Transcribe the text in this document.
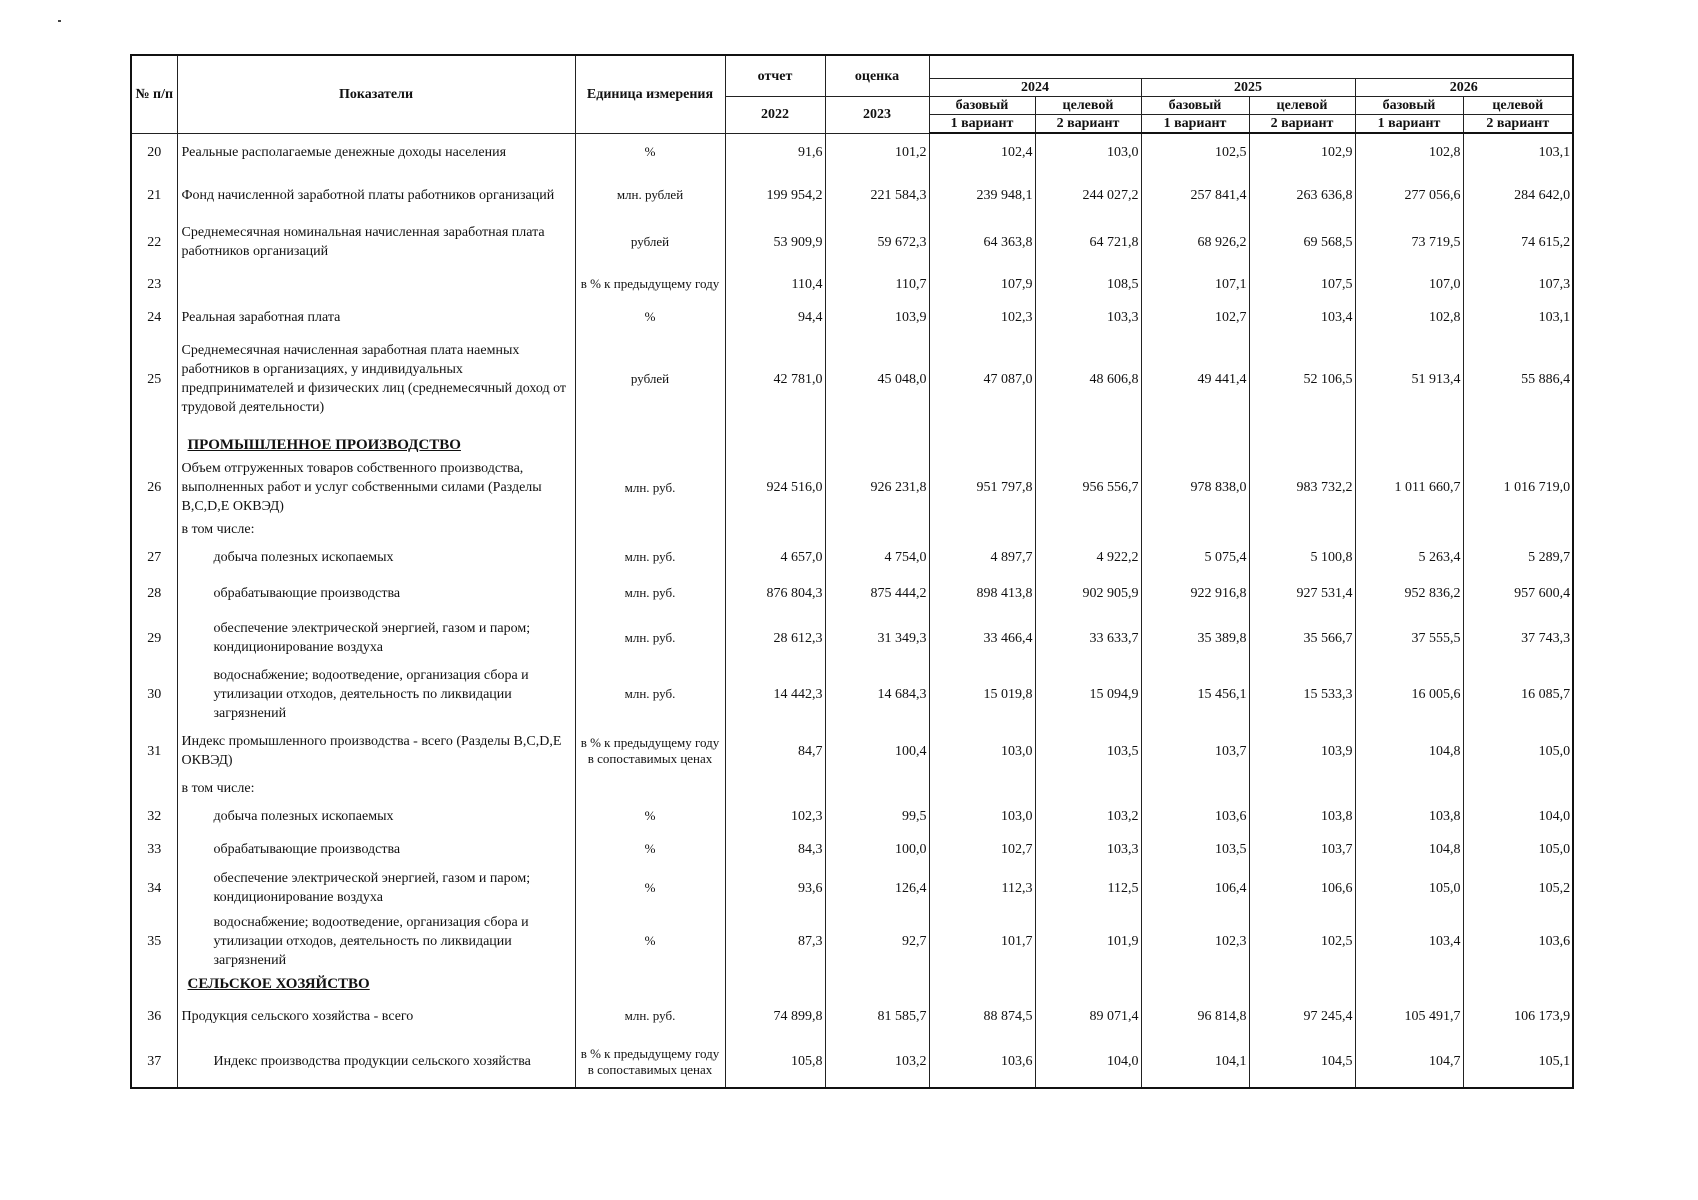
№ п/п	Показатели	Единица измерения	отчет	оценка						
					2024		2025		2026	
			2022	2023	базовый	целевой	базовый	целевой	базовый	целевой
					1 вариант	2 вариант	1 вариант	2 вариант	1 вариант	2 вариант
20	Реальные располагаемые денежные доходы населения	%	91,6	101,2	102,4	103,0	102,5	102,9	102,8	103,1
21	Фонд начисленной заработной платы работников организаций	млн. рублей	199 954,2	221 584,3	239 948,1	244 027,2	257 841,4	263 636,8	277 056,6	284 642,0
22	Среднемесячная номинальная начисленная заработная плата работников организаций	рублей	53 909,9	59 672,3	64 363,8	64 721,8	68 926,2	69 568,5	73 719,5	74 615,2
23		в % к предыдущему году	110,4	110,7	107,9	108,5	107,1	107,5	107,0	107,3
24	Реальная заработная плата	%	94,4	103,9	102,3	103,3	102,7	103,4	102,8	103,1
25	Среднемесячная начисленная заработная плата наемных работников в организациях, у индивидуальных предпринимателей и физических лиц (среднемесячный доход от трудовой деятельности)	рублей	42 781,0	45 048,0	47 087,0	48 606,8	49 441,4	52 106,5	51 913,4	55 886,4
	ПРОМЫШЛЕННОЕ ПРОИЗВОДСТВО									
26	Объем отгруженных товаров собственного производства, выполненных работ и услуг собственными силами (Разделы B,C,D,E ОКВЭД)	млн. руб.	924 516,0	926 231,8	951 797,8	956 556,7	978 838,0	983 732,2	1 011 660,7	1 016 719,0
	в том числе:									
27	добыча полезных ископаемых	млн. руб.	4 657,0	4 754,0	4 897,7	4 922,2	5 075,4	5 100,8	5 263,4	5 289,7
28	обрабатывающие производства	млн. руб.	876 804,3	875 444,2	898 413,8	902 905,9	922 916,8	927 531,4	952 836,2	957 600,4
29	обеспечение электрической энергией, газом и паром; кондиционирование воздуха	млн. руб.	28 612,3	31 349,3	33 466,4	33 633,7	35 389,8	35 566,7	37 555,5	37 743,3
30	водоснабжение; водоотведение, организация сбора и утилизации отходов, деятельность по ликвидации загрязнений	млн. руб.	14 442,3	14 684,3	15 019,8	15 094,9	15 456,1	15 533,3	16 005,6	16 085,7
31	Индекс промышленного производства - всего (Разделы B,C,D,E ОКВЭД)	в % к предыдущему году в сопоставимых ценах	84,7	100,4	103,0	103,5	103,7	103,9	104,8	105,0
	в том числе:									
32	добыча полезных ископаемых	%	102,3	99,5	103,0	103,2	103,6	103,8	103,8	104,0
33	обрабатывающие производства	%	84,3	100,0	102,7	103,3	103,5	103,7	104,8	105,0
34	обеспечение электрической энергией, газом и паром; кондиционирование воздуха	%	93,6	126,4	112,3	112,5	106,4	106,6	105,0	105,2
35	водоснабжение; водоотведение, организация сбора и утилизации отходов, деятельность по ликвидации загрязнений	%	87,3	92,7	101,7	101,9	102,3	102,5	103,4	103,6
	СЕЛЬСКОЕ ХОЗЯЙСТВО									
36	Продукция сельского хозяйства - всего	млн. руб.	74 899,8	81 585,7	88 874,5	89 071,4	96 814,8	97 245,4	105 491,7	106 173,9
37	Индекс производства продукции сельского хозяйства	в % к предыдущему году в сопоставимых ценах	105,8	103,2	103,6	104,0	104,1	104,5	104,7	105,1
